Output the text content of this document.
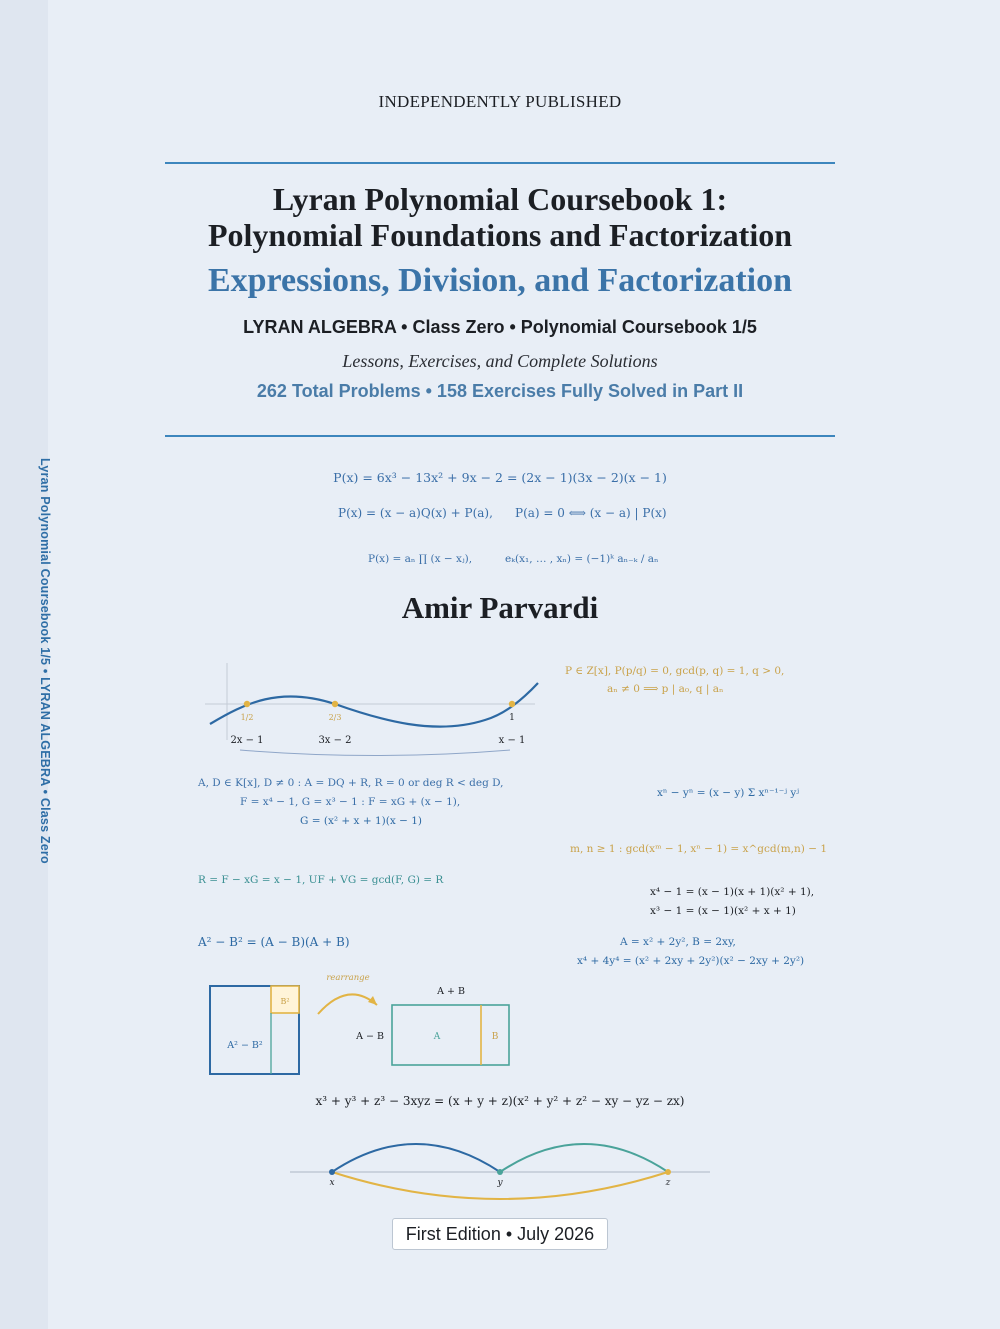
Lyran Polynomial Coursebook 1/5 • LYRAN ALGEBRA • Class Zero
INDEPENDENTLY PUBLISHED
Lyran Polynomial Coursebook 1:
Polynomial Foundations and Factorization
Expressions, Division, and Factorization
LYRAN ALGEBRA • Class Zero • Polynomial Coursebook 1/5
Lessons, Exercises, and Complete Solutions
262 Total Problems • 158 Exercises Fully Solved in Part II
P(x) = 6x³ − 13x² + 9x − 2 = (2x − 1)(3x − 2)(x − 1)
P(x) = (x − a)Q(x) + P(a), P(a) = 0 ⟺ (x − a) | P(x)
P(x) = aₙ ∏ (x − xⱼ),	eₖ(x₁, … , xₙ) = (−1)ᵏ aₙ₋ₖ / aₙ
Amir Parvardi
1/2	2/3	1
2x − 1	3x − 2	x − 1
P ∈ Z[x], P(p/q) = 0, gcd(p, q) = 1, q > 0,
aₙ ≠ 0 ⟹ p | a₀, q | aₙ
A, D ∈ K[x], D ≠ 0 : A = DQ + R, R = 0 or deg R < deg D,
F = x⁴ − 1, G = x³ − 1 : F = xG + (x − 1),
G = (x² + x + 1)(x − 1)
xⁿ − yⁿ = (x − y) Σ xⁿ⁻¹⁻ʲ yʲ
m, n ≥ 1 : gcd(xᵐ − 1, xⁿ − 1) = x^gcd(m,n) − 1
R = F − xG = x − 1, UF + VG = gcd(F, G) = R
x⁴ − 1 = (x − 1)(x + 1)(x² + 1),
x³ − 1 = (x − 1)(x² + x + 1)
A² − B² = (A − B)(A + B)	A = x² + 2y², B = 2xy,
x⁴ + 4y⁴ = (x² + 2xy + 2y²)(x² − 2xy + 2y²)
B²
A² − B²
rearrange
A + B
A − B	A	B
x³ + y³ + z³ − 3xyz = (x + y + z)(x² + y² + z² − xy − yz − zx)
x	y	z
First Edition • July 2026
